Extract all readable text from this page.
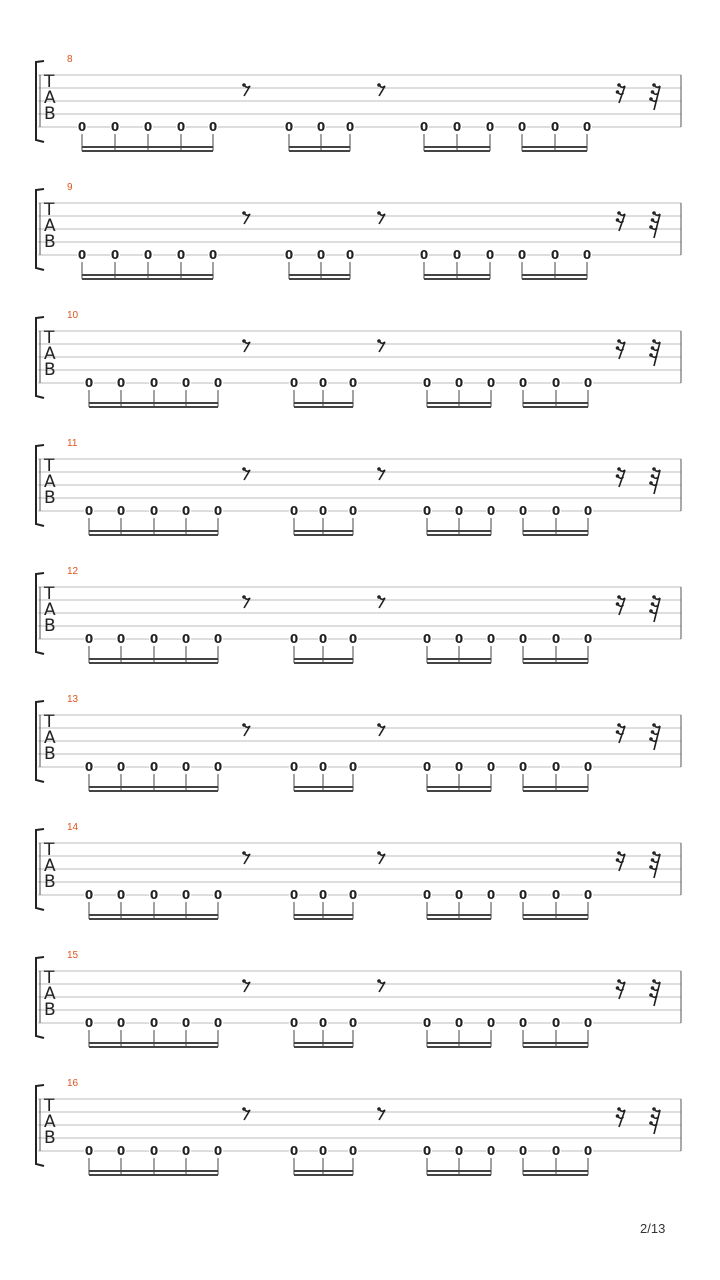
8
T
A
B
0 0 0 0 0	0 0 0	0 0 0 0 0 0
9
T
A
B
0 0 0 0 0	0 0 0	0 0 0 0 0 0
10
T
A
B
0 0 0 0 0	0 0 0	0 0 0 0 0 0
11
T
A
B
0 0 0 0 0	0 0 0	0 0 0 0 0 0
12
T
A
B
0 0 0 0 0	0 0 0	0 0 0 0 0 0
13
T
A
B
0 0 0 0 0	0 0 0	0 0 0 0 0 0
14
T
A
B
0 0 0 0 0	0 0 0	0 0 0 0 0 0
15
T
A
B
0 0 0 0 0	0 0 0	0 0 0 0 0 0
16
T
A
B
0 0 0 0 0	0 0 0	0 0 0 0 0 0
2/13
